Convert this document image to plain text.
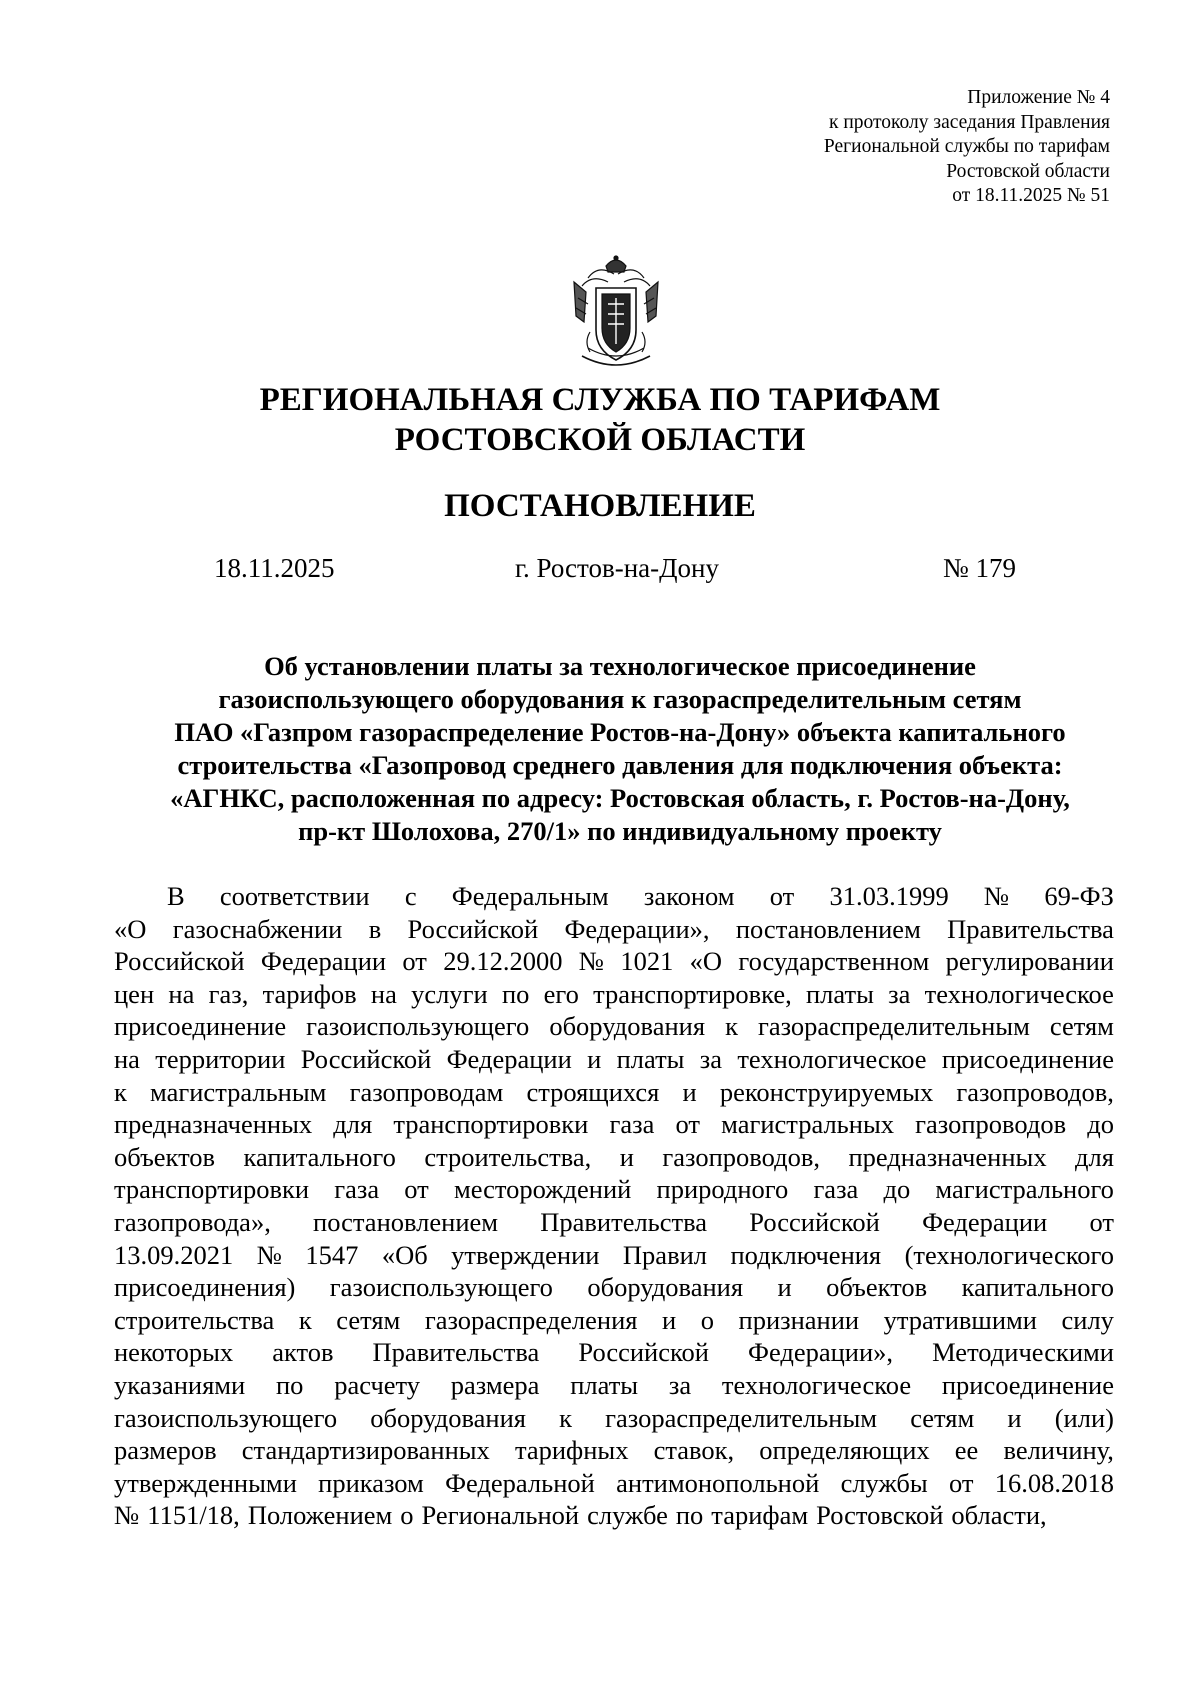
Приложение № 4
к протоколу заседания Правления
Региональной службы по тарифам
Ростовской области
от 18.11.2025 № 51
РЕГИОНАЛЬНАЯ СЛУЖБА ПО ТАРИФАМ
РОСТОВСКОЙ ОБЛАСТИ
ПОСТАНОВЛЕНИЕ
18.11.2025	г. Ростов-на-Дону	№ 179
Об установлении платы за технологическое присоединение
газоиспользующего оборудования к газораспределительным сетям
ПАО «Газпром газораспределение Ростов-на-Дону» объекта капитального
строительства «Газопровод среднего давления для подключения объекта:
«АГНКС, расположенная по адресу: Ростовская область, г. Ростов-на-Дону,
пр-кт Шолохова, 270/1» по индивидуальному проекту
В соответствии с Федеральным законом от 31.03.1999 № 69-ФЗ
«О газоснабжении в Российской Федерации», постановлением Правительства
Российской Федерации от 29.12.2000 № 1021 «О государственном регулировании
цен на газ, тарифов на услуги по его транспортировке, платы за технологическое
присоединение газоиспользующего оборудования к газораспределительным сетям
на территории Российской Федерации и платы за технологическое присоединение
к магистральным газопроводам строящихся и реконструируемых газопроводов,
предназначенных для транспортировки газа от магистральных газопроводов до
объектов капитального строительства, и газопроводов, предназначенных для
транспортировки газа от месторождений природного газа до магистрального
газопровода», постановлением Правительства Российской Федерации от
13.09.2021 № 1547 «Об утверждении Правил подключения (технологического
присоединения) газоиспользующего оборудования и объектов капитального
строительства к сетям газораспределения и о признании утратившими силу
некоторых актов Правительства Российской Федерации», Методическими
указаниями по расчету размера платы за технологическое присоединение
газоиспользующего оборудования к газораспределительным сетям и (или)
размеров стандартизированных тарифных ставок, определяющих ее величину,
утвержденными приказом Федеральной антимонопольной службы от 16.08.2018
№ 1151/18, Положением о Региональной службе по тарифам Ростовской области,
